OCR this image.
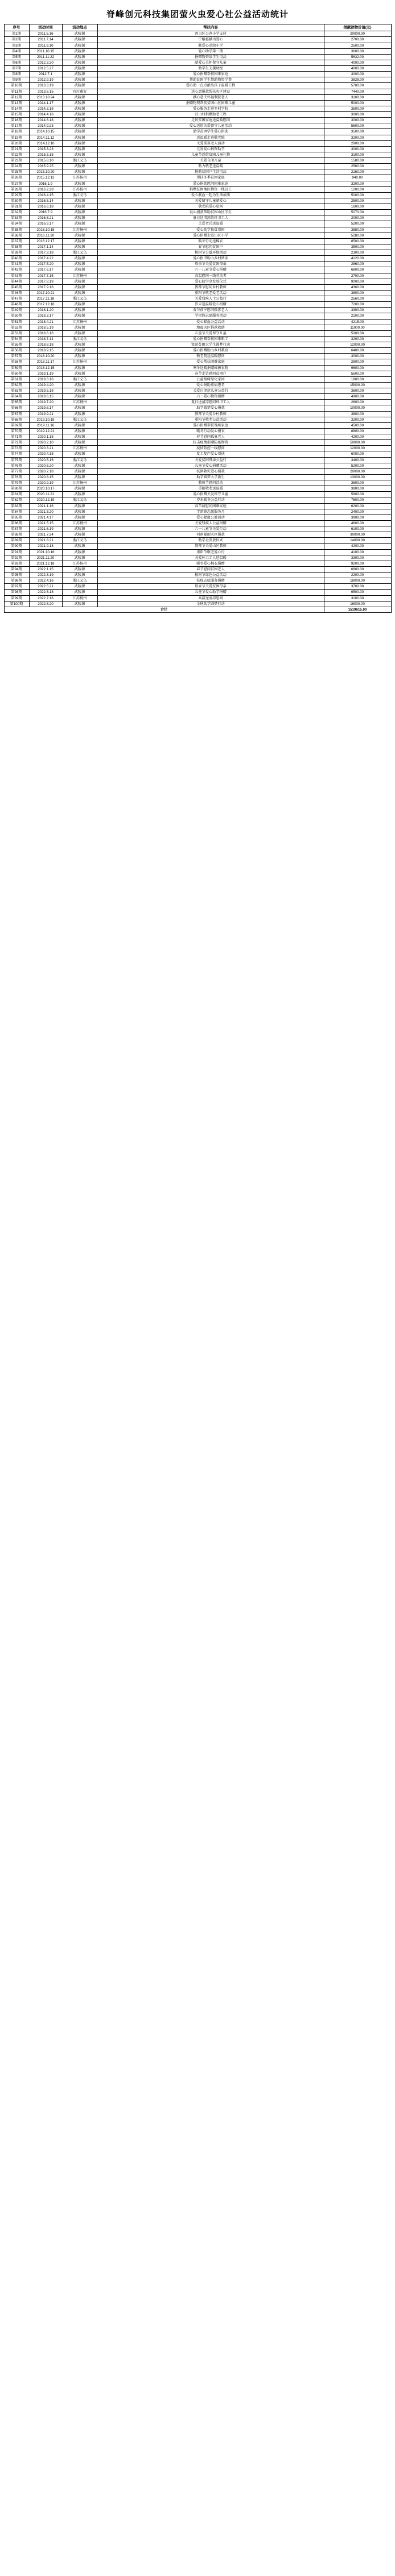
脊峰创元科技集团萤火虫爱心社公益活动统计
序号	活动时间	活动地点	帮扶内容	捐献款物价值(元)
第1期	2011.5.16	武陵源	西卫区公办小学支付	20000.00
第2期	2011.7.14	武陵源	宁紫惠献出爱心	2700.00
第3期	2011.9.10	武陵源	献爱心送给小学	2500.00
第4期	2011.10.15	武陵源	爱心助学第一期	3600.00
第5期	2011.11.22	武陵源	捐赠物资给学生用品	5632.00
第6期	2012.3.20	武陵源	献爱心关怀留守儿童	4000.00
第7期	2012.5.27	武陵源	助学生支援财经	4000.00
第8期	2012.7.1	武陵源	爱心捐赠帮扶困难家庭	3000.00
第9期	2012.9.19	武陵源	帮助贫困学生赞助物资学费	3828.00
第10期	2013.3.19	武陵源	爱心助一点点献出孩子温暖工程	5700.00
第11期	2013.6.15	四川雅安	送心意捐款帮扶灾区建设	7440.00
第12期	2013.10.24	武陵源	献心意关怀福利院老人	3100.00
第13期	2014.1.17	武陵源	捐赠物资帮扶贫困山区困难儿童	5000.00
第14期	2014.3.18	武陵源	爱心服务走进乡村学校	3500.00
第15期	2014.4.16	武陵源	驻山村捐赠助老工程	3000.00
第16期	2014.6.18	武陵源	走访贫困家庭送温暖慰问	3000.00
第17期	2014.9.23	武陵源	爱心送给关爱留守儿童活动	5600.00
第18期	2014.10.15	武陵源	助学贫困学生爱心捐助	3500.00
第19期	2014.11.12	武陵源	送温暖走进敬老院	3200.00
第20期	2014.12.10	武陵源	关爱孤寡老人活动	2800.00
第21期	2015.3.23	武陵源	元宵爱心捐资助学	3000.00
第22期	2015.5.15	武陵源	儿童节送给贫困儿童礼物	3100.00
第23期	2015.8.10	浙江义乌	关爱自闭儿童	1580.00
第24期	2015.9.25	武陵源	助力敬老送温暖	2560.00
第25期	2015.10.20	武陵源	捐助贫困户生活用品	2160.00
第26期	2015.12.12	江苏扬州	帮扶冬季贫困家庭	940.00
第27期	2016.1.9	武陵源	爱心捐助慰问困难家庭	3200.00
第28期	2016.2.28	江苏扬州	捐赠贫困地区物资一线员工	1200.00
第29期	2016.4.15	浙江义乌	爱心献血一起为生命加油	5000.00
第30期	2016.5.14	武陵源	关爱留守儿童献爱心	2500.00
第31期	2016.6.18	武陵源	敬老院爱心慰问	1600.00
第32期	2016.7.9	武陵源	爱心捐款帮助贫困山区学生	5070.00
第33期	2016.8.21	武陵源	夏日送清凉给环卫工人	2000.00
第34期	2016.9.17	武陵源	关爱老兵送温暖	5200.00
第35期	2016.10.15	江苏扬州	爱心助学扶贫帮困	3580.00
第36期	2016.11.20	武陵源	爱心捐赠走进山区小学	5280.00
第37期	2016.12.17	武陵源	暖冬行动送棉衣	8500.00
第38期	2017.1.14	武陵源	春节慰问贫困户	3500.00
第39期	2017.3.18	浙江义乌	植树节公益环保活动	2300.00
第40期	2017.4.22	武陵源	爱心捐书助力乡村阅读	4120.00
第41期	2017.5.20	武陵源	母亲节关爱贫困母亲	2860.00
第42期	2017.6.17	武陵源	六一儿童节爱心捐赠	6800.00
第43期	2017.7.15	江苏扬州	高温慰问一线劳动者	2700.00
第44期	2017.8.19	武陵源	爱心助学金发放仪式	9000.00
第45期	2017.9.16	武陵源	教师节慰问乡村教师	4360.00
第46期	2017.10.21	武陵源	重阳节敬老爱老活动	3800.00
第47期	2017.11.18	浙江义乌	关爱残疾人士公益行	2560.00
第48期	2017.12.16	武陵源	岁末送温暖爱心捐赠	7200.00
第49期	2018.1.20	武陵源	春节前夕慰问孤寡老人	3300.00
第50期	2018.3.17	武陵源	学雷锋志愿服务活动	2100.00
第51期	2018.4.21	江苏扬州	爱心献血公益活动	4215.00
第52期	2018.5.19	武陵源	地震灾区捐款救助	11000.00
第53期	2018.6.16	武陵源	儿童节关爱留守儿童	5000.00
第54期	2018.7.14	浙江义乌	爱心捐赠帮扶困难职工	3200.00
第55期	2018.8.18	武陵源	资助贫困大学生圆梦行动	12000.00
第56期	2018.9.15	武陵源	爱心捐赠助力乡村教育	6400.00
第57期	2018.10.20	武陵源	敬老院送温暖慰问	3000.00
第58期	2018.11.17	江苏扬州	爱心帮扶困难家庭	2800.00
第59期	2018.12.15	武陵源	寒冬送暖捐赠棉被衣物	9600.00
第60期	2019.1.19	武陵源	春节走访慰问贫困户	5500.00
第61期	2019.3.16	浙江义乌	公益植树绿化家园	1800.00
第62期	2019.4.20	武陵源	爱心捐助重病患者	15000.00
第63期	2019.5.18	武陵源	关爱自闭症儿童公益行	3600.00
第64期	2019.6.15	武陵源	六一爱心物资捐赠	4900.00
第65期	2019.7.20	江苏扬州	夏日送清凉慰问环卫工人	2600.00
第66期	2019.8.17	武陵源	助学圆梦爱心捐款	10000.00
第67期	2019.9.21	武陵源	教师节关爱乡村教师	3800.00
第68期	2019.10.19	浙江义乌	重阳节敬老公益活动	3200.00
第69期	2019.11.16	武陵源	爱心捐赠帮扶残疾家庭	4500.00
第70期	2019.12.21	武陵源	暖冬行动爱心捐衣	8800.00
第71期	2020.1.18	武陵源	春节慰问孤寡老人	4200.00
第72期	2020.2.10	武陵源	抗击疫情捐赠防疫物资	50000.00
第73期	2020.3.21	江苏扬州	疫情防控一线慰问	12000.00
第74期	2020.4.18	武陵源	复工复产爱心帮扶	6000.00
第75期	2020.5.16	浙江义乌	关爱贫困母亲公益行	3400.00
第76期	2020.6.20	武陵源	儿童节爱心捐赠活动	5200.00
第77期	2020.7.18	武陵源	抗洪救灾爱心捐款	20000.00
第78期	2020.8.15	武陵源	助学圆梦大学新生	13000.00
第79期	2020.9.19	江苏扬州	教师节慰问活动	3600.00
第80期	2020.10.17	武陵源	重阳敬老送温暖	3900.00
第81期	2020.11.21	武陵源	爱心捐赠关爱留守儿童	5800.00
第82期	2020.12.19	浙江义乌	岁末暖冬公益行动	7600.00
第83期	2021.1.16	武陵源	春节前慰问困难家庭	6200.00
第84期	2021.3.20	武陵源	学雷锋志愿服务月	2400.00
第85期	2021.4.17	武陵源	爱心献血公益活动	3800.00
第86期	2021.5.15	江苏扬州	关爱残疾人公益捐赠	4600.00
第87期	2021.6.19	武陵源	六一儿童节关爱行动	6100.00
第88期	2021.7.24	武陵源	河南暴雨灾区捐款	30000.00
第89期	2021.8.21	浙江义乌	助学金发放仪式	14000.00
第90期	2021.9.18	武陵源	教师节关爱山区教师	4200.00
第91期	2021.10.16	武陵源	重阳节敬老爱心行	4100.00
第92期	2021.11.20	武陵源	关爱环卫工人送温暖	3300.00
第93期	2021.12.18	江苏扬州	暖冬爱心棉衣捐赠	9200.00
第94期	2022.1.15	武陵源	春节慰问贫困老人	6800.00
第95期	2022.3.19	武陵源	植树节绿色公益活动	2200.00
第96期	2022.4.16	浙江义乌	抗疫志愿服务捐赠	18000.00
第97期	2022.5.21	武陵源	母亲节关爱贫困母亲	3700.00
第98期	2022.6.18	武陵源	儿童节爱心助学捐赠	6500.00
第99期	2022.7.16	江苏扬州	高温送清凉慰问	3100.00
第100期	2022.8.20	武陵源	金秋助学圆梦行动	16000.00
合计				1519615.00
